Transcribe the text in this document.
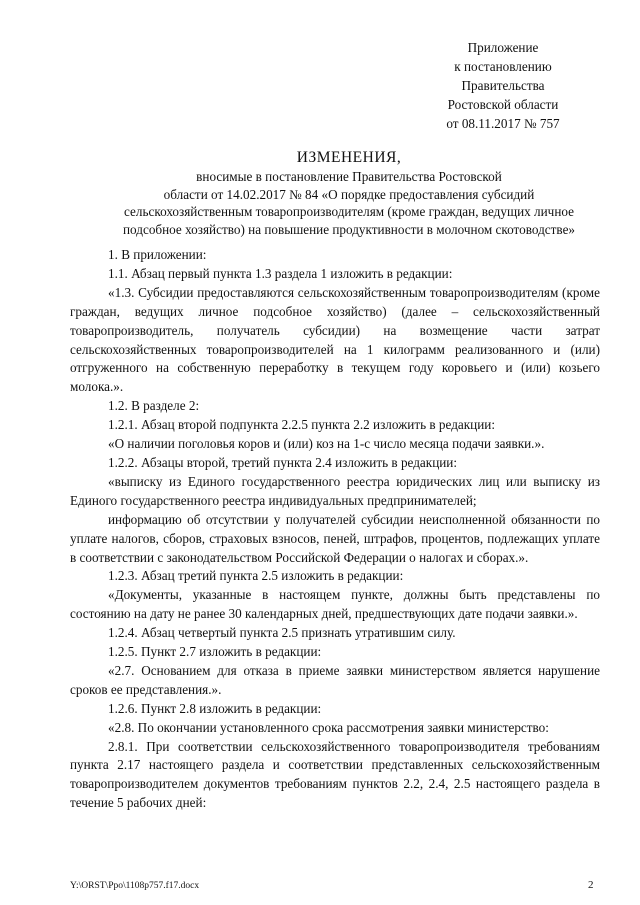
Приложение
к постановлению
Правительства
Ростовской области
от 08.11.2017 № 757
ИЗМЕНЕНИЯ,
вносимые в постановление Правительства Ростовской
области от 14.02.2017 № 84 «О порядке предоставления субсидий
сельскохозяйственным товаропроизводителям (кроме граждан, ведущих личное
подсобное хозяйство) на повышение продуктивности в молочном скотоводстве»
1. В приложении:
1.1. Абзац первый пункта 1.3 раздела 1 изложить в редакции:
«1.3. Субсидии предоставляются сельскохозяйственным товаропроизводителям (кроме граждан, ведущих личное подсобное хозяйство) (далее – сельскохозяйственный товаропроизводитель, получатель субсидии) на возмещение части затрат сельскохозяйственных товаропроизводителей на 1 килограмм реализованного и (или) отгруженного на собственную переработку в текущем году коровьего и (или) козьего молока.».
1.2. В разделе 2:
1.2.1. Абзац второй подпункта 2.2.5 пункта 2.2 изложить в редакции:
«О наличии поголовья коров и (или) коз на 1-с число месяца подачи заявки.».
1.2.2. Абзацы второй, третий пункта 2.4 изложить в редакции:
«выписку из Единого государственного реестра юридических лиц или выписку из Единого государственного реестра индивидуальных предпринимателей;
информацию об отсутствии у получателей субсидии неисполненной обязанности по уплате налогов, сборов, страховых взносов, пеней, штрафов, процентов, подлежащих уплате в соответствии с законодательством Российской Федерации о налогах и сборах.».
1.2.3. Абзац третий пункта 2.5 изложить в редакции:
«Документы, указанные в настоящем пункте, должны быть представлены по состоянию на дату не ранее 30 календарных дней, предшествующих дате подачи заявки.».
1.2.4. Абзац четвертый пункта 2.5 признать утратившим силу.
1.2.5. Пункт 2.7 изложить в редакции:
«2.7. Основанием для отказа в приеме заявки министерством является нарушение сроков ее представления.».
1.2.6. Пункт 2.8 изложить в редакции:
«2.8. По окончании установленного срока рассмотрения заявки министерство:
2.8.1. При соответствии сельскохозяйственного товаропроизводителя требованиям пункта 2.17 настоящего раздела и соответствии представленных сельскохозяйственным товаропроизводителем документов требованиям пунктов 2.2, 2.4, 2.5 настоящего раздела в течение 5 рабочих дней:
Y:\ORST\Ppo\1108p757.f17.docx	2
